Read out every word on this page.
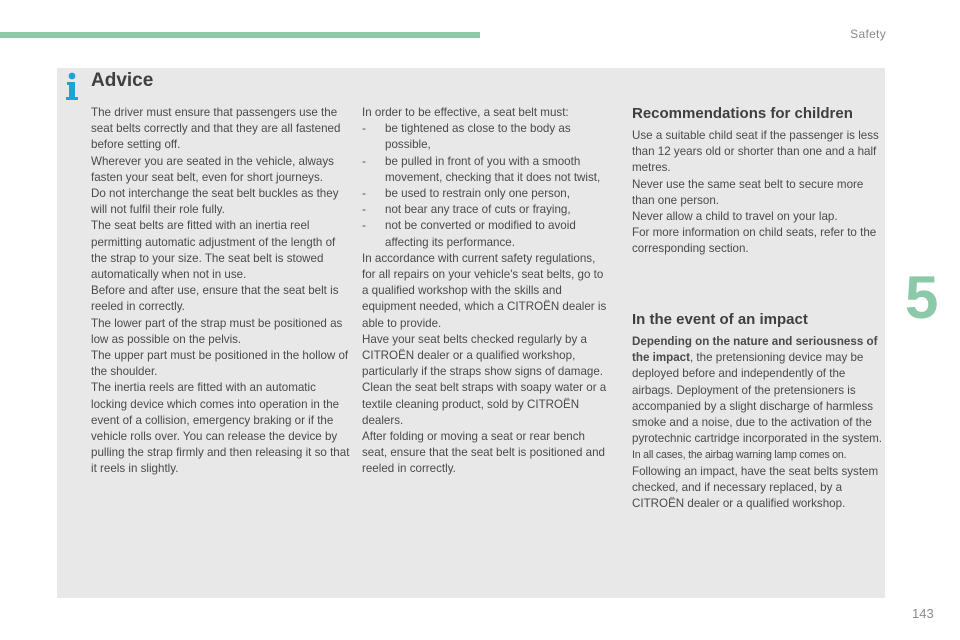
Safety
5
143
Advice

The driver must ensure that passengers use the seat belts correctly and that they are all fastened before setting off.

Wherever you are seated in the vehicle, always fasten your seat belt, even for short journeys.

Do not interchange the seat belt buckles as they will not fulfil their role fully.

The seat belts are fitted with an inertia reel permitting automatic adjustment of the length of the strap to your size. The seat belt is stowed automatically when not in use.

Before and after use, ensure that the seat belt is reeled in correctly.

The lower part of the strap must be positioned as low as possible on the pelvis.

The upper part must be positioned in the hollow of the shoulder.

The inertia reels are fitted with an automatic locking device which comes into operation in the event of a collision, emergency braking or if the vehicle rolls over. You can release the device by pulling the strap firmly and then releasing it so that it reels in slightly.

In order to be effective, a seat belt must:

- be tightened as close to the body as possible,

- be pulled in front of you with a smooth movement, checking that it does not twist,

- be used to restrain only one person,

- not bear any trace of cuts or fraying,

- not be converted or modified to avoid affecting its performance.

In accordance with current safety regulations, for all repairs on your vehicle's seat belts, go to a qualified workshop with the skills and equipment needed, which a CITROËN dealer is able to provide.

Have your seat belts checked regularly by a CITROËN dealer or a qualified workshop, particularly if the straps show signs of damage.

Clean the seat belt straps with soapy water or a textile cleaning product, sold by CITROËN dealers.

After folding or moving a seat or rear bench seat, ensure that the seat belt is positioned and reeled in correctly.

Recommendations for children

Use a suitable child seat if the passenger is less than 12 years old or shorter than one and a half metres.

Never use the same seat belt to secure more than one person.

Never allow a child to travel on your lap.

For more information on child seats, refer to the corresponding section.

In the event of an impact

Depending on the nature and seriousness of the impact, the pretensioning device may be deployed before and independently of the airbags. Deployment of the pretensioners is accompanied by a slight discharge of harmless smoke and a noise, due to the activation of the pyrotechnic cartridge incorporated in the system.

In all cases, the airbag warning lamp comes on.

Following an impact, have the seat belts system checked, and if necessary replaced, by a CITROËN dealer or a qualified workshop.
